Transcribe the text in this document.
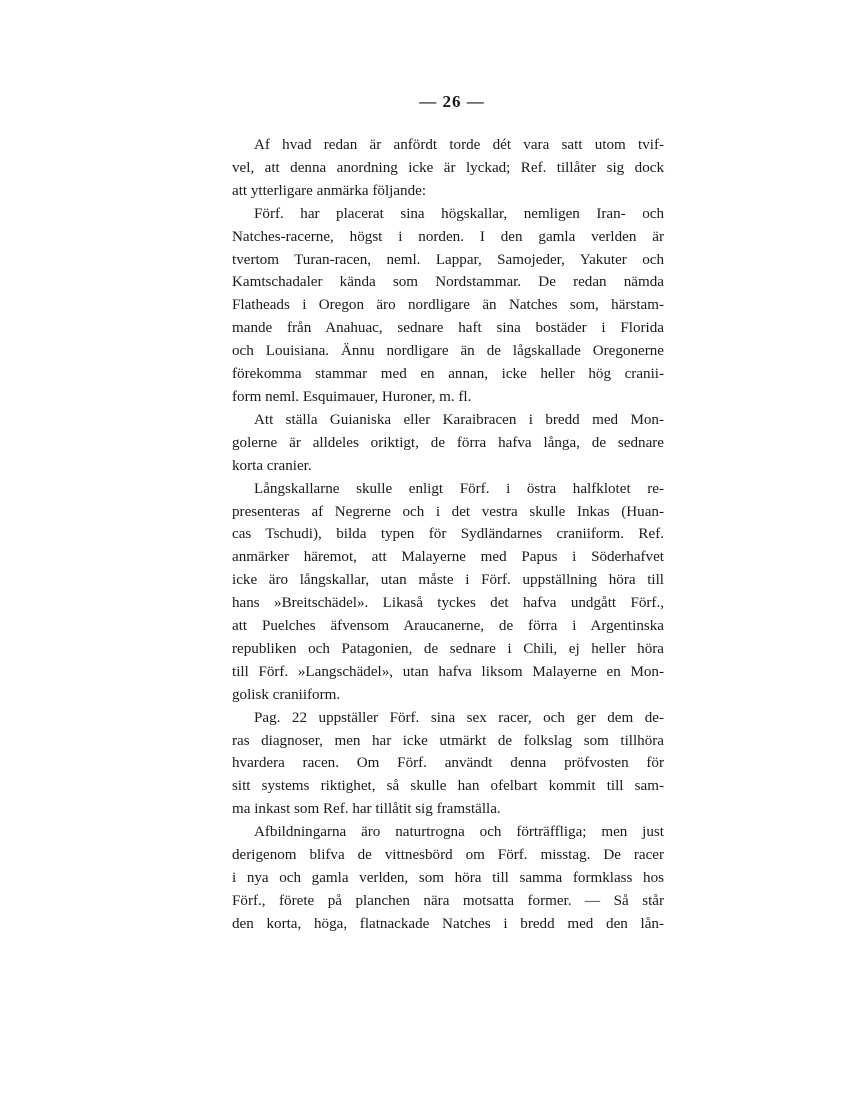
— 26 —
Af hvad redan är anfördt torde dét vara satt utom tvif-
vel, att denna anordning icke är lyckad; Ref. tillåter sig dock
att ytterligare anmärka följande:
Förf. har placerat sina högskallar, nemligen Iran- och
Natches-racerne, högst i norden. I den gamla verlden är
tvertom Turan-racen, neml. Lappar, Samojeder, Yakuter och
Kamtschadaler kända som Nordstammar. De redan nämda
Flatheads i Oregon äro nordligare än Natches som, härstam-
mande från Anahuac, sednare haft sina bostäder i Florida
och Louisiana. Ännu nordligare än de lågskallade Oregonerne
förekomma stammar med en annan, icke heller hög cranii-
form neml. Esquimauer, Huroner, m. fl.
Att ställa Guianiska eller Karaibracen i bredd med Mon-
golerne är alldeles oriktigt, de förra hafva långa, de sednare
korta cranier.
Långskallarne skulle enligt Förf. i östra halfklotet re-
presenteras af Negrerne och i det vestra skulle Inkas (Huan-
cas Tschudi), bilda typen för Sydländarnes craniiform. Ref.
anmärker häremot, att Malayerne med Papus i Söderhafvet
icke äro långskallar, utan måste i Förf. uppställning höra till
hans »Breitschädel». Likaså tyckes det hafva undgått Förf.,
att Puelches äfvensom Araucanerne, de förra i Argentinska
republiken och Patagonien, de sednare i Chili, ej heller höra
till Förf. »Langschädel», utan hafva liksom Malayerne en Mon-
golisk craniiform.
Pag. 22 uppställer Förf. sina sex racer, och ger dem de-
ras diagnoser, men har icke utmärkt de folkslag som tillhöra
hvardera racen. Om Förf. användt denna pröfvosten för
sitt systems riktighet, så skulle han ofelbart kommit till sam-
ma inkast som Ref. har tillåtit sig framställa.
Afbildningarna äro naturtrogna och förträffliga; men just
derigenom blifva de vittnesbörd om Förf. misstag. De racer
i nya och gamla verlden, som höra till samma formklass hos
Förf., förete på planchen nära motsatta former. — Så står
den korta, höga, flatnackade Natches i bredd med den lån-
